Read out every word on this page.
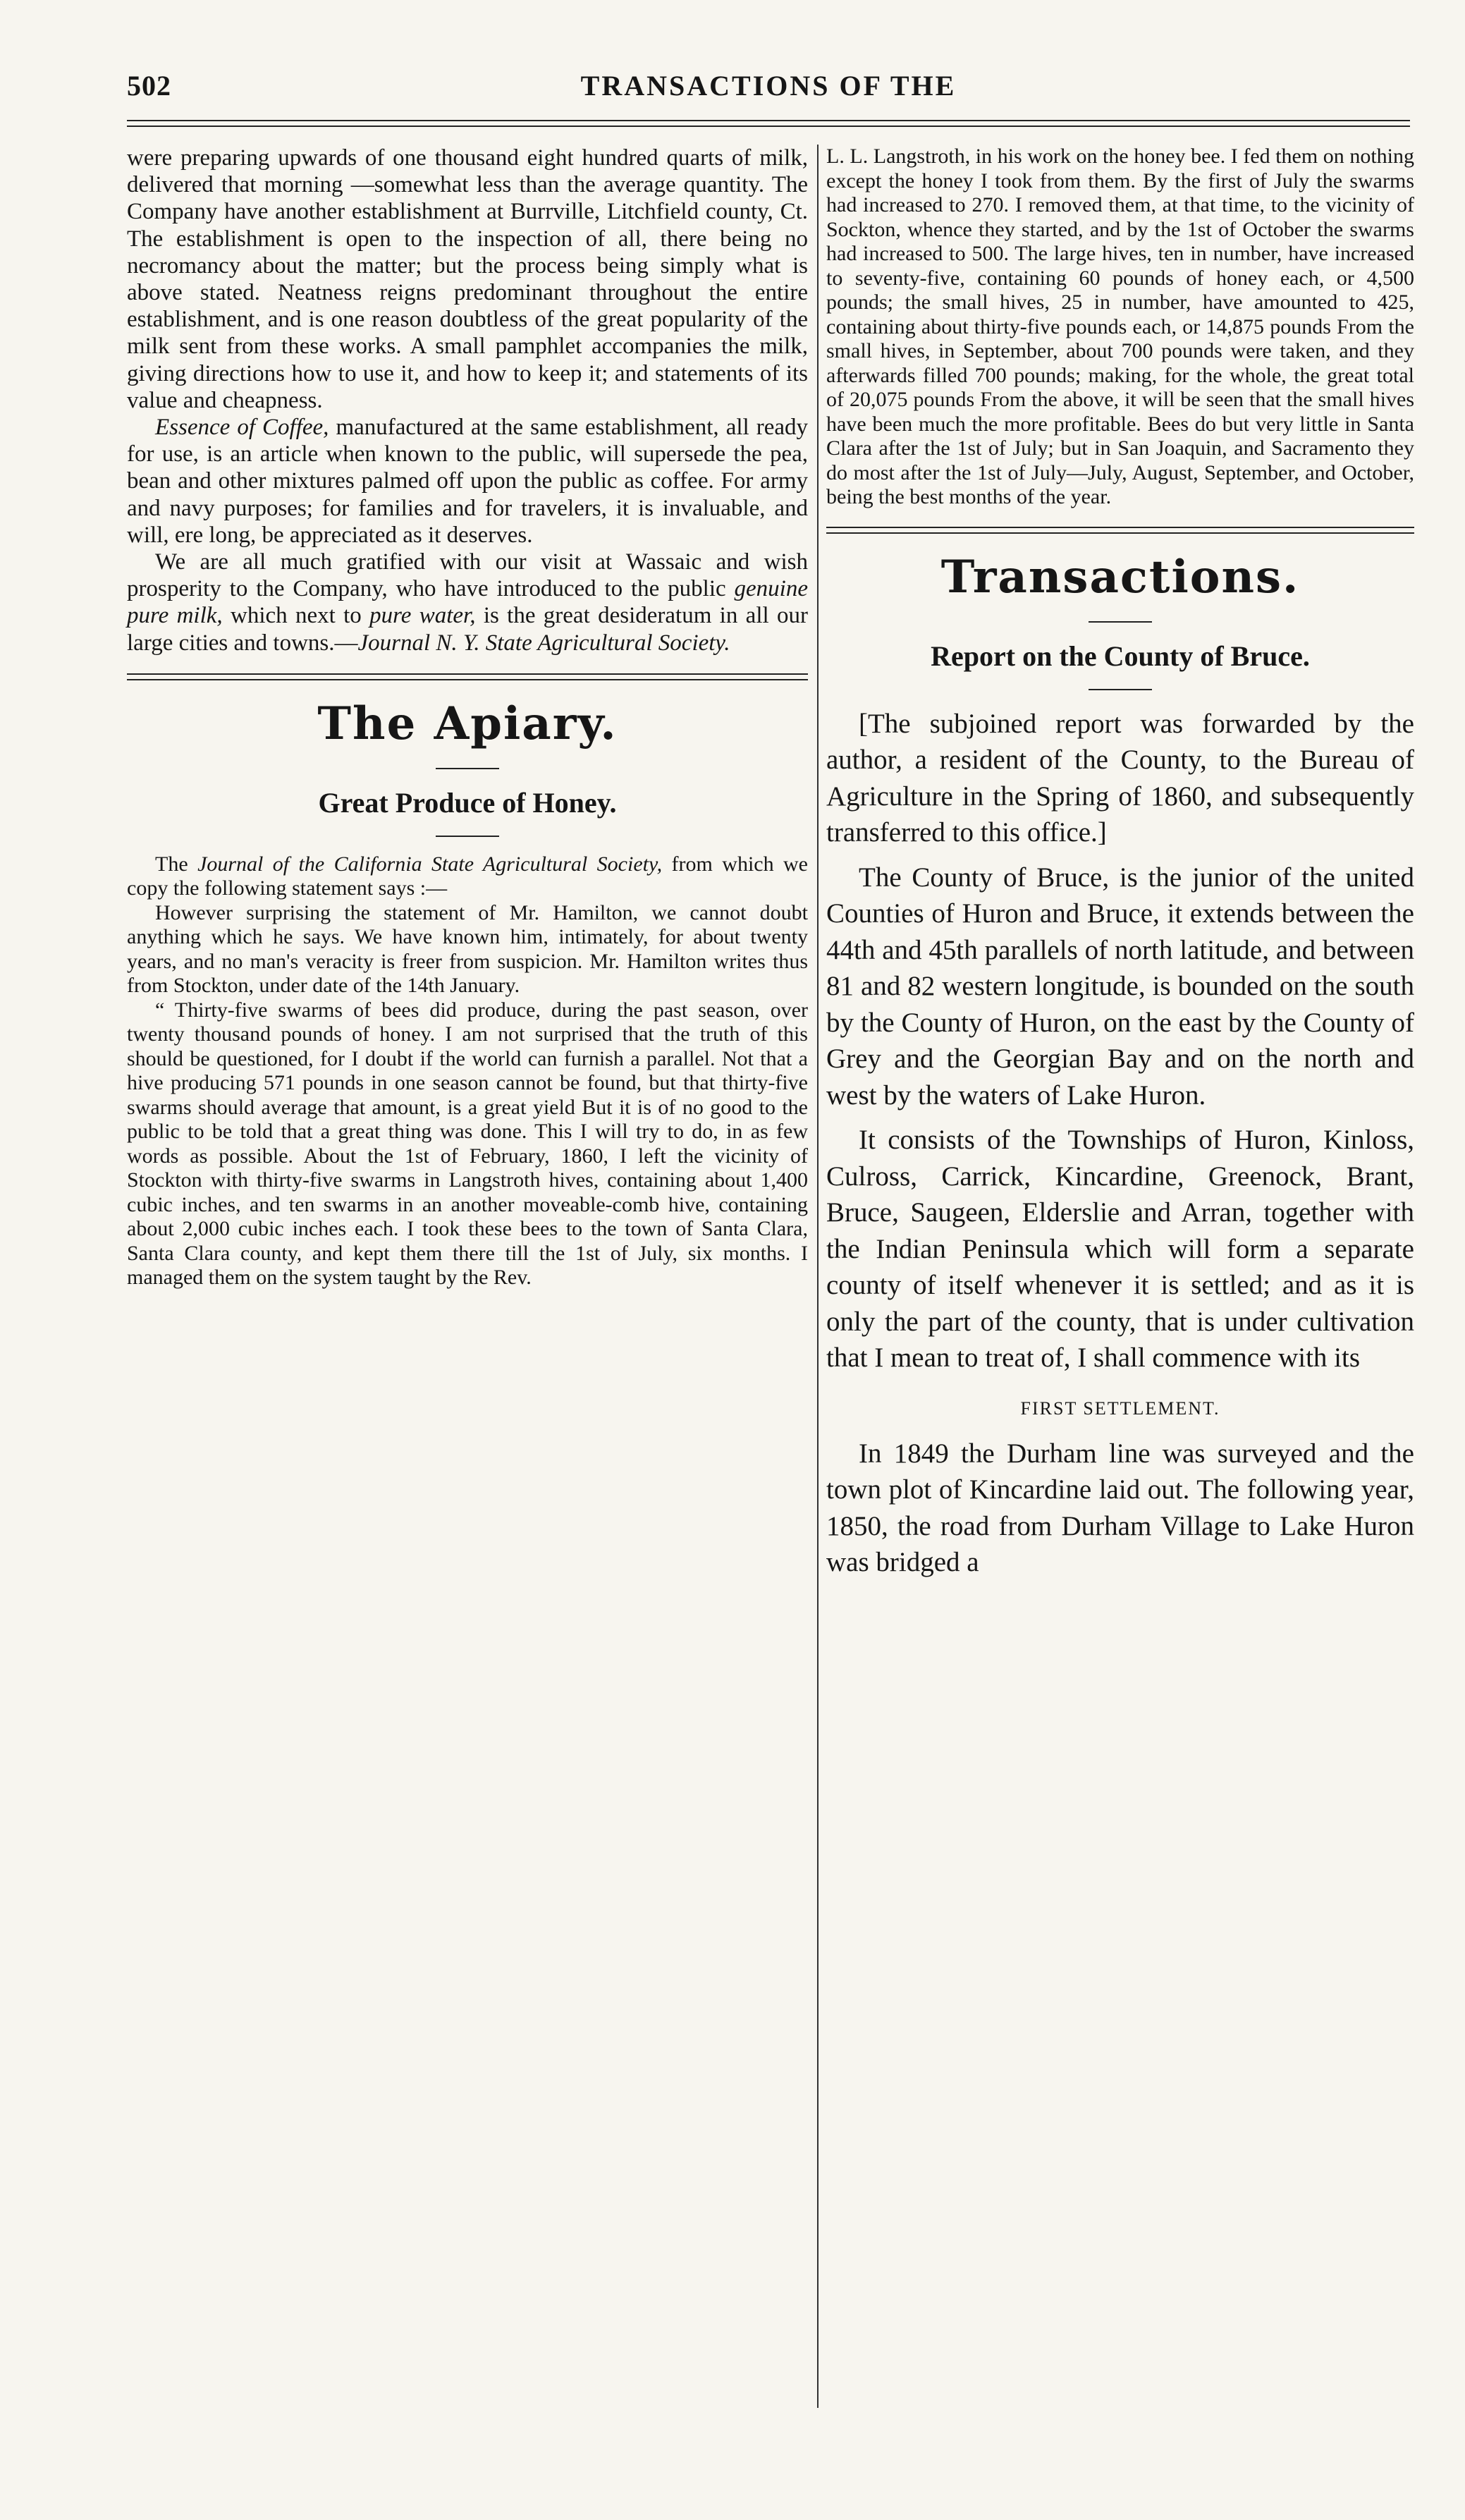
502	TRANSACTIONS OF THE

were preparing upwards of one thousand eight hundred quarts of milk, delivered that morning —somewhat less than the average quantity. The Company have another establishment at Burrville, Litchfield county, Ct. The establishment is open to the inspection of all, there being no necromancy about the matter; but the process being simply what is above stated. Neatness reigns predominant throughout the entire establishment, and is one reason doubtless of the great popularity of the milk sent from these works. A small pamphlet accompanies the milk, giving directions how to use it, and how to keep it; and statements of its value and cheapness.

Essence of Coffee, manufactured at the same establishment, all ready for use, is an article when known to the public, will supersede the pea, bean and other mixtures palmed off upon the public as coffee. For army and navy purposes; for families and for travelers, it is invaluable, and will, ere long, be appreciated as it deserves.

We are all much gratified with our visit at Wassaic and wish prosperity to the Company, who have introduced to the public genuine pure milk, which next to pure water, is the great desideratum in all our large cities and towns.—Journal N. Y. State Agricultural Society.

The Apiary.
Great Produce of Honey.

The Journal of the California State Agricultural Society, from which we copy the following statement says :—

However surprising the statement of Mr. Hamilton, we cannot doubt anything which he says. We have known him, intimately, for about twenty years, and no man's veracity is freer from suspicion. Mr. Hamilton writes thus from Stockton, under date of the 14th January.

“ Thirty-five swarms of bees did produce, during the past season, over twenty thousand pounds of honey. I am not surprised that the truth of this should be questioned, for I doubt if the world can furnish a parallel. Not that a hive producing 571 pounds in one season cannot be found, but that thirty-five swarms should average that amount, is a great yield But it is of no good to the public to be told that a great thing was done. This I will try to do, in as few words as possible. About the 1st of February, 1860, I left the vicinity of Stockton with thirty-five swarms in Langstroth hives, containing about 1,400 cubic inches, and ten swarms in an another moveable-comb hive, containing about 2,000 cubic inches each. I took these bees to the town of Santa Clara, Santa Clara county, and kept them there till the 1st of July, six months. I managed them on the system taught by the Rev.

L. L. Langstroth, in his work on the honey bee. I fed them on nothing except the honey I took from them. By the first of July the swarms had increased to 270. I removed them, at that time, to the vicinity of Sockton, whence they started, and by the 1st of October the swarms had increased to 500. The large hives, ten in number, have increased to seventy-five, containing 60 pounds of honey each, or 4,500 pounds; the small hives, 25 in number, have amounted to 425, containing about thirty-five pounds each, or 14,875 pounds From the small hives, in September, about 700 pounds were taken, and they afterwards filled 700 pounds; making, for the whole, the great total of 20,075 pounds From the above, it will be seen that the small hives have been much the more profitable. Bees do but very little in Santa Clara after the 1st of July; but in San Joaquin, and Sacramento they do most after the 1st of July—July, August, September, and October, being the best months of the year.

Transactions.
Report on the County of Bruce.

[The subjoined report was forwarded by the author, a resident of the County, to the Bureau of Agriculture in the Spring of 1860, and subsequently transferred to this office.]

The County of Bruce, is the junior of the united Counties of Huron and Bruce, it extends between the 44th and 45th parallels of north latitude, and between 81 and 82 western longitude, is bounded on the south by the County of Huron, on the east by the County of Grey and the Georgian Bay and on the north and west by the waters of Lake Huron.

It consists of the Townships of Huron, Kinloss, Culross, Carrick, Kincardine, Greenock, Brant, Bruce, Saugeen, Elderslie and Arran, together with the Indian Peninsula which will form a separate county of itself whenever it is settled; and as it is only the part of the county, that is under cultivation that I mean to treat of, I shall commence with its

FIRST SETTLEMENT.

In 1849 the Durham line was surveyed and the town plot of Kincardine laid out. The following year, 1850, the road from Durham Village to Lake Huron was bridged a
